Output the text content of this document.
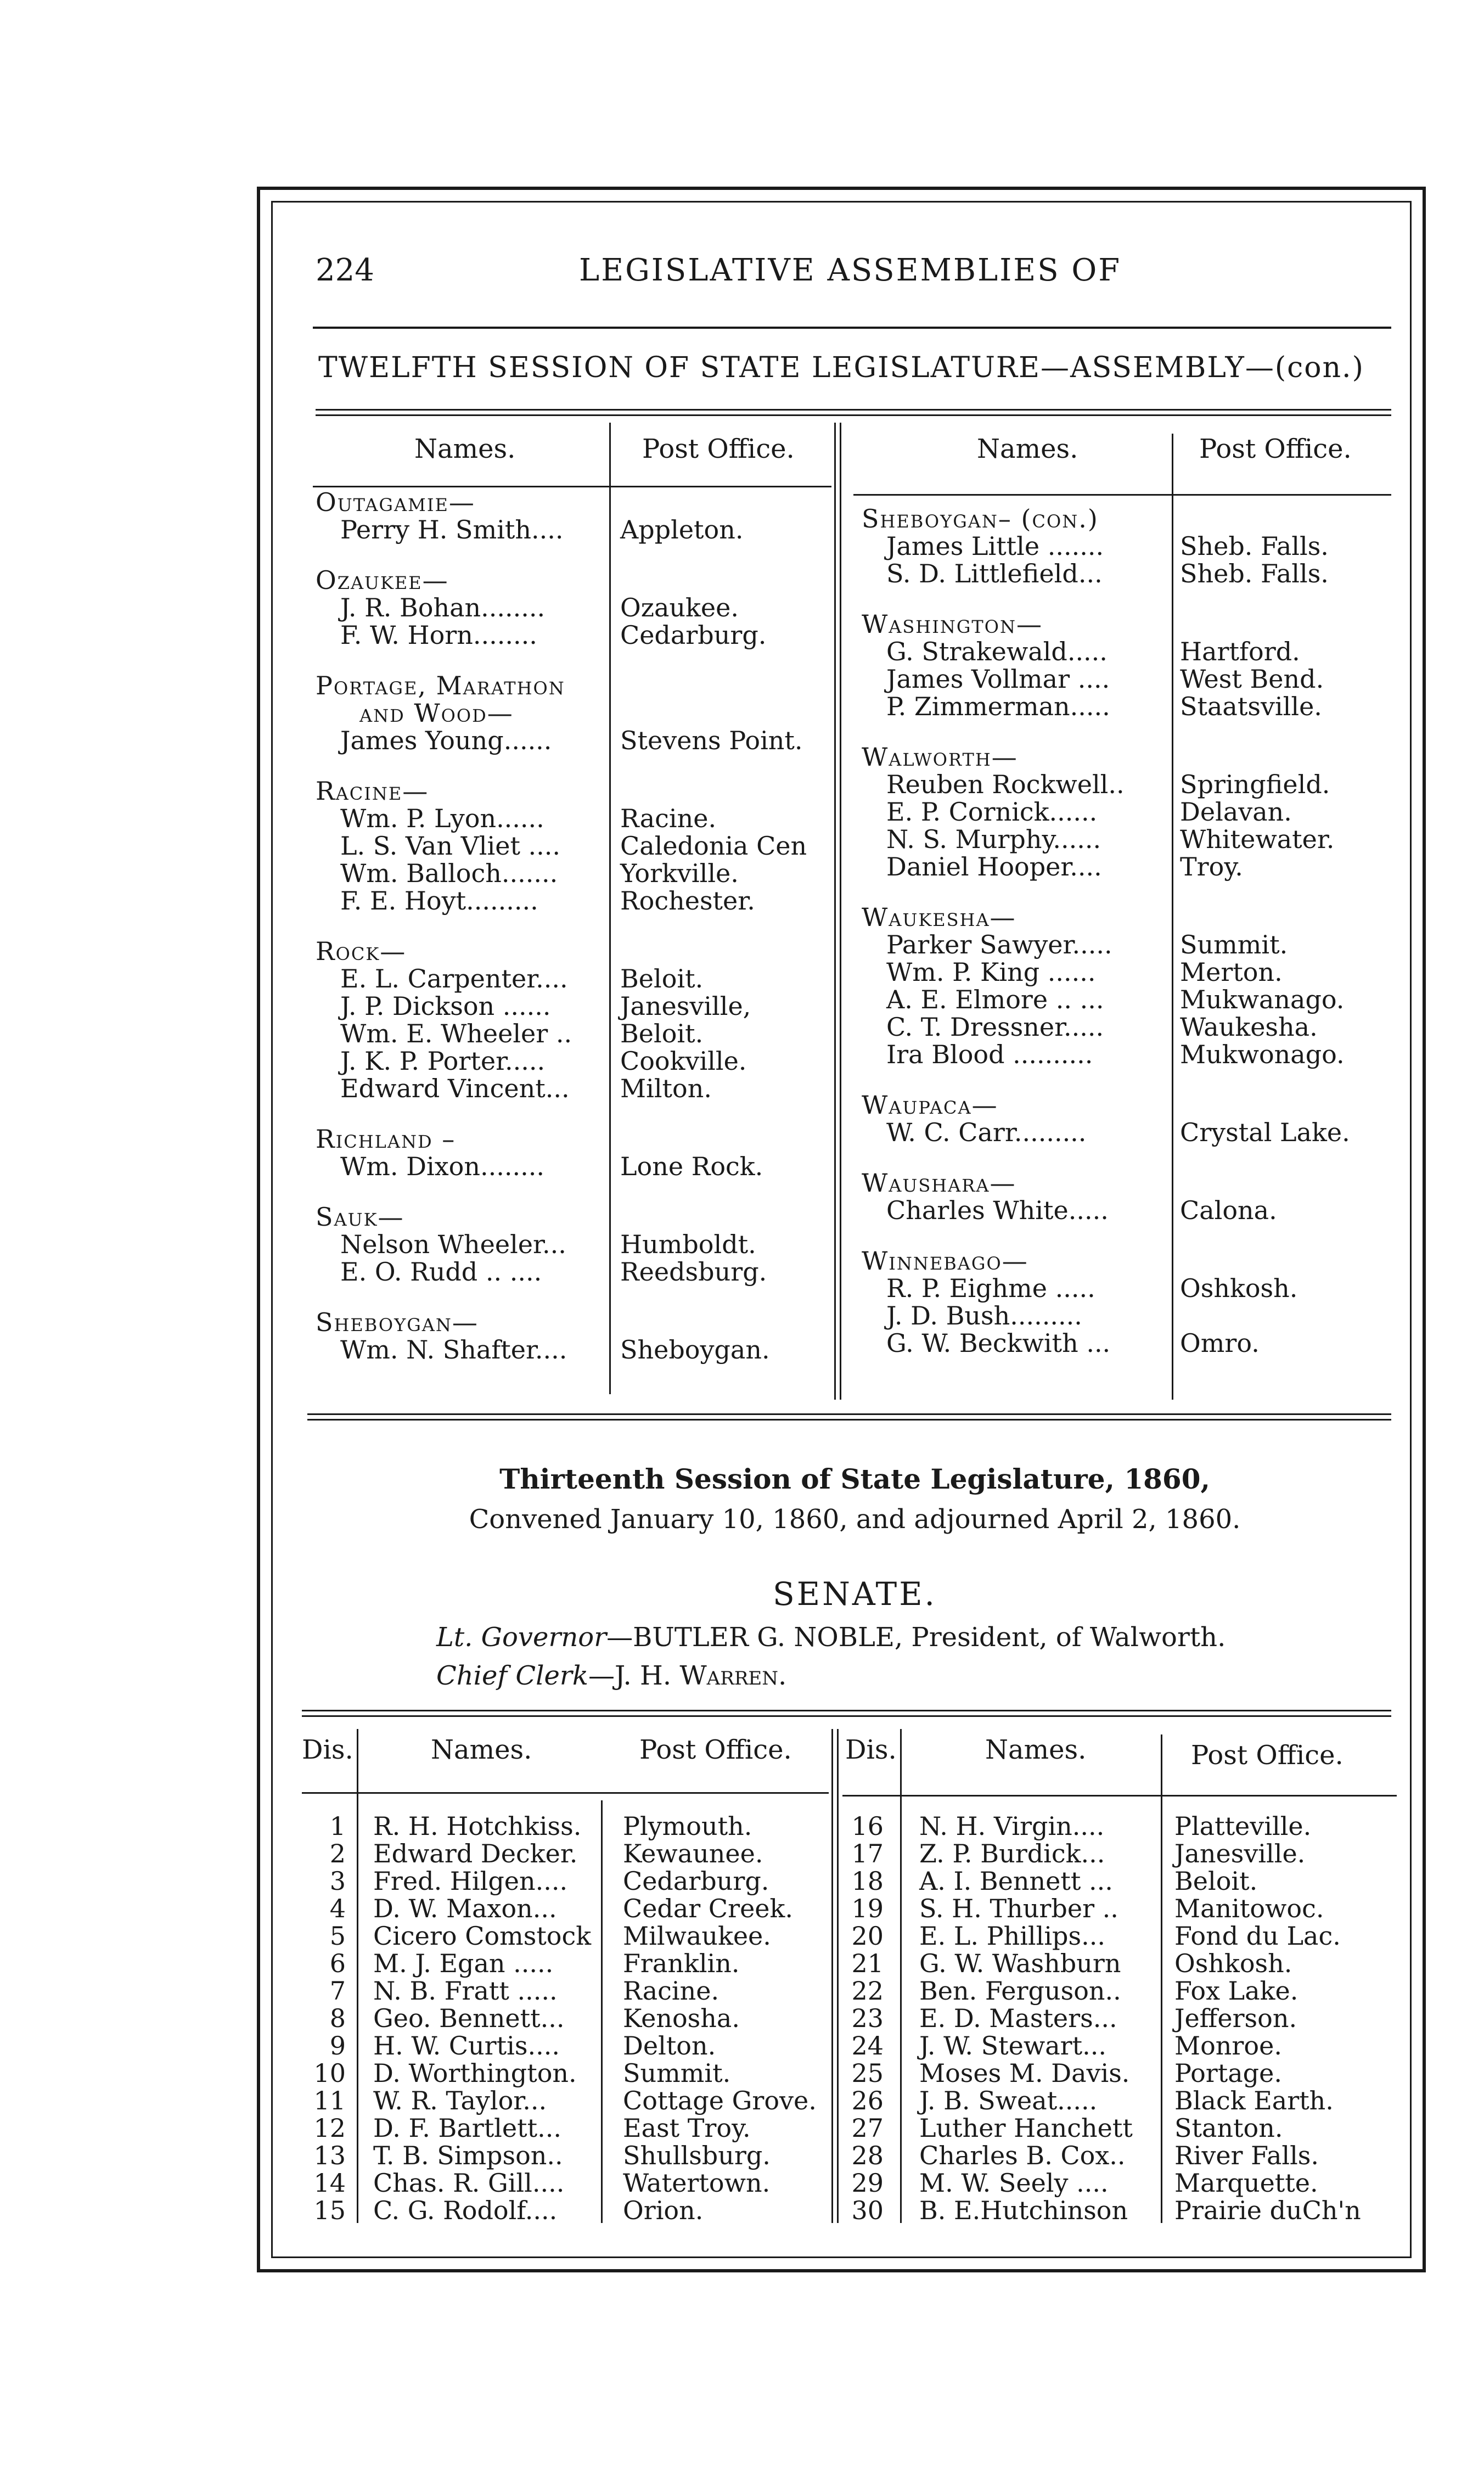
224	LEGISLATIVE ASSEMBLIES OF
TWELFTH SESSION OF STATE LEGISLATURE—ASSEMBLY—(con.)
Names.	Post Office.	Names.	Post Office.
Outagamie—
Perry H. Smith.... Appleton.
Ozaukee—
J. R. Bohan........	Ozaukee.
F. W. Horn........	Cedarburg.
Portage, Marathon
and Wood—
James Young......	Stevens Point.
Racine—
Wm. P. Lyon......	Racine.
L. S. Van Vliet .... Caledonia Cen
Wm. Balloch....... Yorkville.
F. E. Hoyt.........	Rochester.
Rock—
E. L. Carpenter.... Beloit.
J. P. Dickson ......	Janesville,
Wm. E. Wheeler .. Beloit.
J. K. P. Porter.....	Cookville.
Edward Vincent... Milton.
Richland –
Wm. Dixon........	Lone Rock.
Sauk—
Nelson Wheeler... Humboldt.
E. O. Rudd .. ....	Reedsburg.
Sheboygan—
Wm. N. Shafter.... Sheboygan.
Sheboygan– (con.)
James Little .......	Sheb. Falls.
S. D. Littlefield...	Sheb. Falls.
Washington—
G. Strakewald.....	Hartford.
James Vollmar ....	West Bend.
P. Zimmerman.....	Staatsville.
Walworth—
Reuben Rockwell.. Springfield.
E. P. Cornick......	Delavan.
N. S. Murphy......	Whitewater.
Daniel Hooper....	Troy.
Waukesha—
Parker Sawyer.....	Summit.
Wm. P. King ......	Merton.
A. E. Elmore .. ...	Mukwanago.
C. T. Dressner.....	Waukesha.
Ira Blood ..........	Mukwonago.
Waupaca—
W. C. Carr.........	Crystal Lake.
Waushara—
Charles White.....	Calona.
Winnebago—
R. P. Eighme .....	Oshkosh.
J. D. Bush.........
G. W. Beckwith ...	Omro.
Thirteenth Session of State Legislature, 1860,
Convened January 10, 1860, and adjourned April 2, 1860.
SENATE.
Lt. Governor—BUTLER G. NOBLE, President, of Walworth.
Chief Clerk—J. H. Warren.
Dis.	Names.	Post Office. Dis.	Names.	Post Office.
1 R. H. Hotchkiss. Plymouth.
2 Edward Decker. Kewaunee.
3 Fred. Hilgen.... Cedarburg.
4 D. W. Maxon...	Cedar Creek.
5 Cicero Comstock Milwaukee.
6 M. J. Egan .....	Franklin.
7 N. B. Fratt .....	Racine.
8 Geo. Bennett... Kenosha.
9 H. W. Curtis....	Delton.
10 D. Worthington. Summit.
11 W. R. Taylor...	Cottage Grove.
12 D. F. Bartlett... East Troy.
13 T. B. Simpson.. Shullsburg.
14 Chas. R. Gill.... Watertown.
15 C. G. Rodolf....	Orion.
16 N. H. Virgin....	Platteville.
17 Z. P. Burdick...	Janesville.
18 A. I. Bennett ... Beloit.
19 S. H. Thurber .. Manitowoc.
20 E. L. Phillips...	Fond du Lac.
21 G. W. Washburn Oshkosh.
22 Ben. Ferguson.. Fox Lake.
23 E. D. Masters... Jefferson.
24 J. W. Stewart...	Monroe.
25 Moses M. Davis. Portage.
26 J. B. Sweat.....	Black Earth.
27 Luther Hanchett Stanton.
28 Charles B. Cox.. River Falls.
29 M. W. Seely ....	Marquette.
30 B. E.Hutchinson Prairie duCh'n
